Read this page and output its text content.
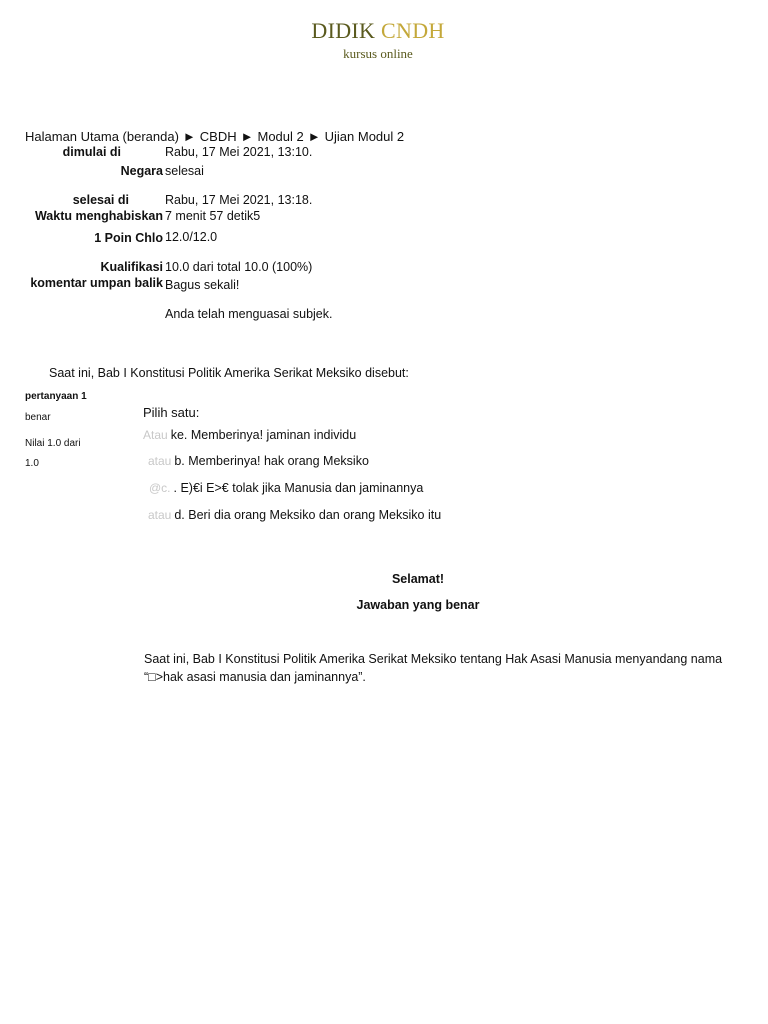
DIDIK CNDH
kursus online
Halaman Utama (beranda) ► CBDH ► Modul 2 ► Ujian Modul 2
dimulai di	Rabu, 17 Mei 2021, 13:10.
Negara selesai
selesai di	Rabu, 17 Mei 2021, 13:18.
Waktu menghabiskan 7 menit 57 detik5
1 Poin Chlo 12.0/12.0
Kualifikasi 10.0 dari total 10.0 (100%)
komentar umpan balik Bagus sekali!
Anda telah menguasai subjek.
Saat ini, Bab I Konstitusi Politik Amerika Serikat Meksiko disebut:
pertanyaan 1
benar
Nilai 1.0 dari
1.0
Pilih satu:
Atau ke. Memberinya! jaminan individu
atau b. Memberinya! hak orang Meksiko
@c. . E)€i E>€ tolak jika Manusia dan jaminannya
atau d. Beri dia orang Meksiko dan orang Meksiko itu
Selamat!
Jawaban yang benar
Saat ini, Bab I Konstitusi Politik Amerika Serikat Meksiko tentang Hak Asasi Manusia menyandang nama
“□>hak asasi manusia dan jaminannya”.
